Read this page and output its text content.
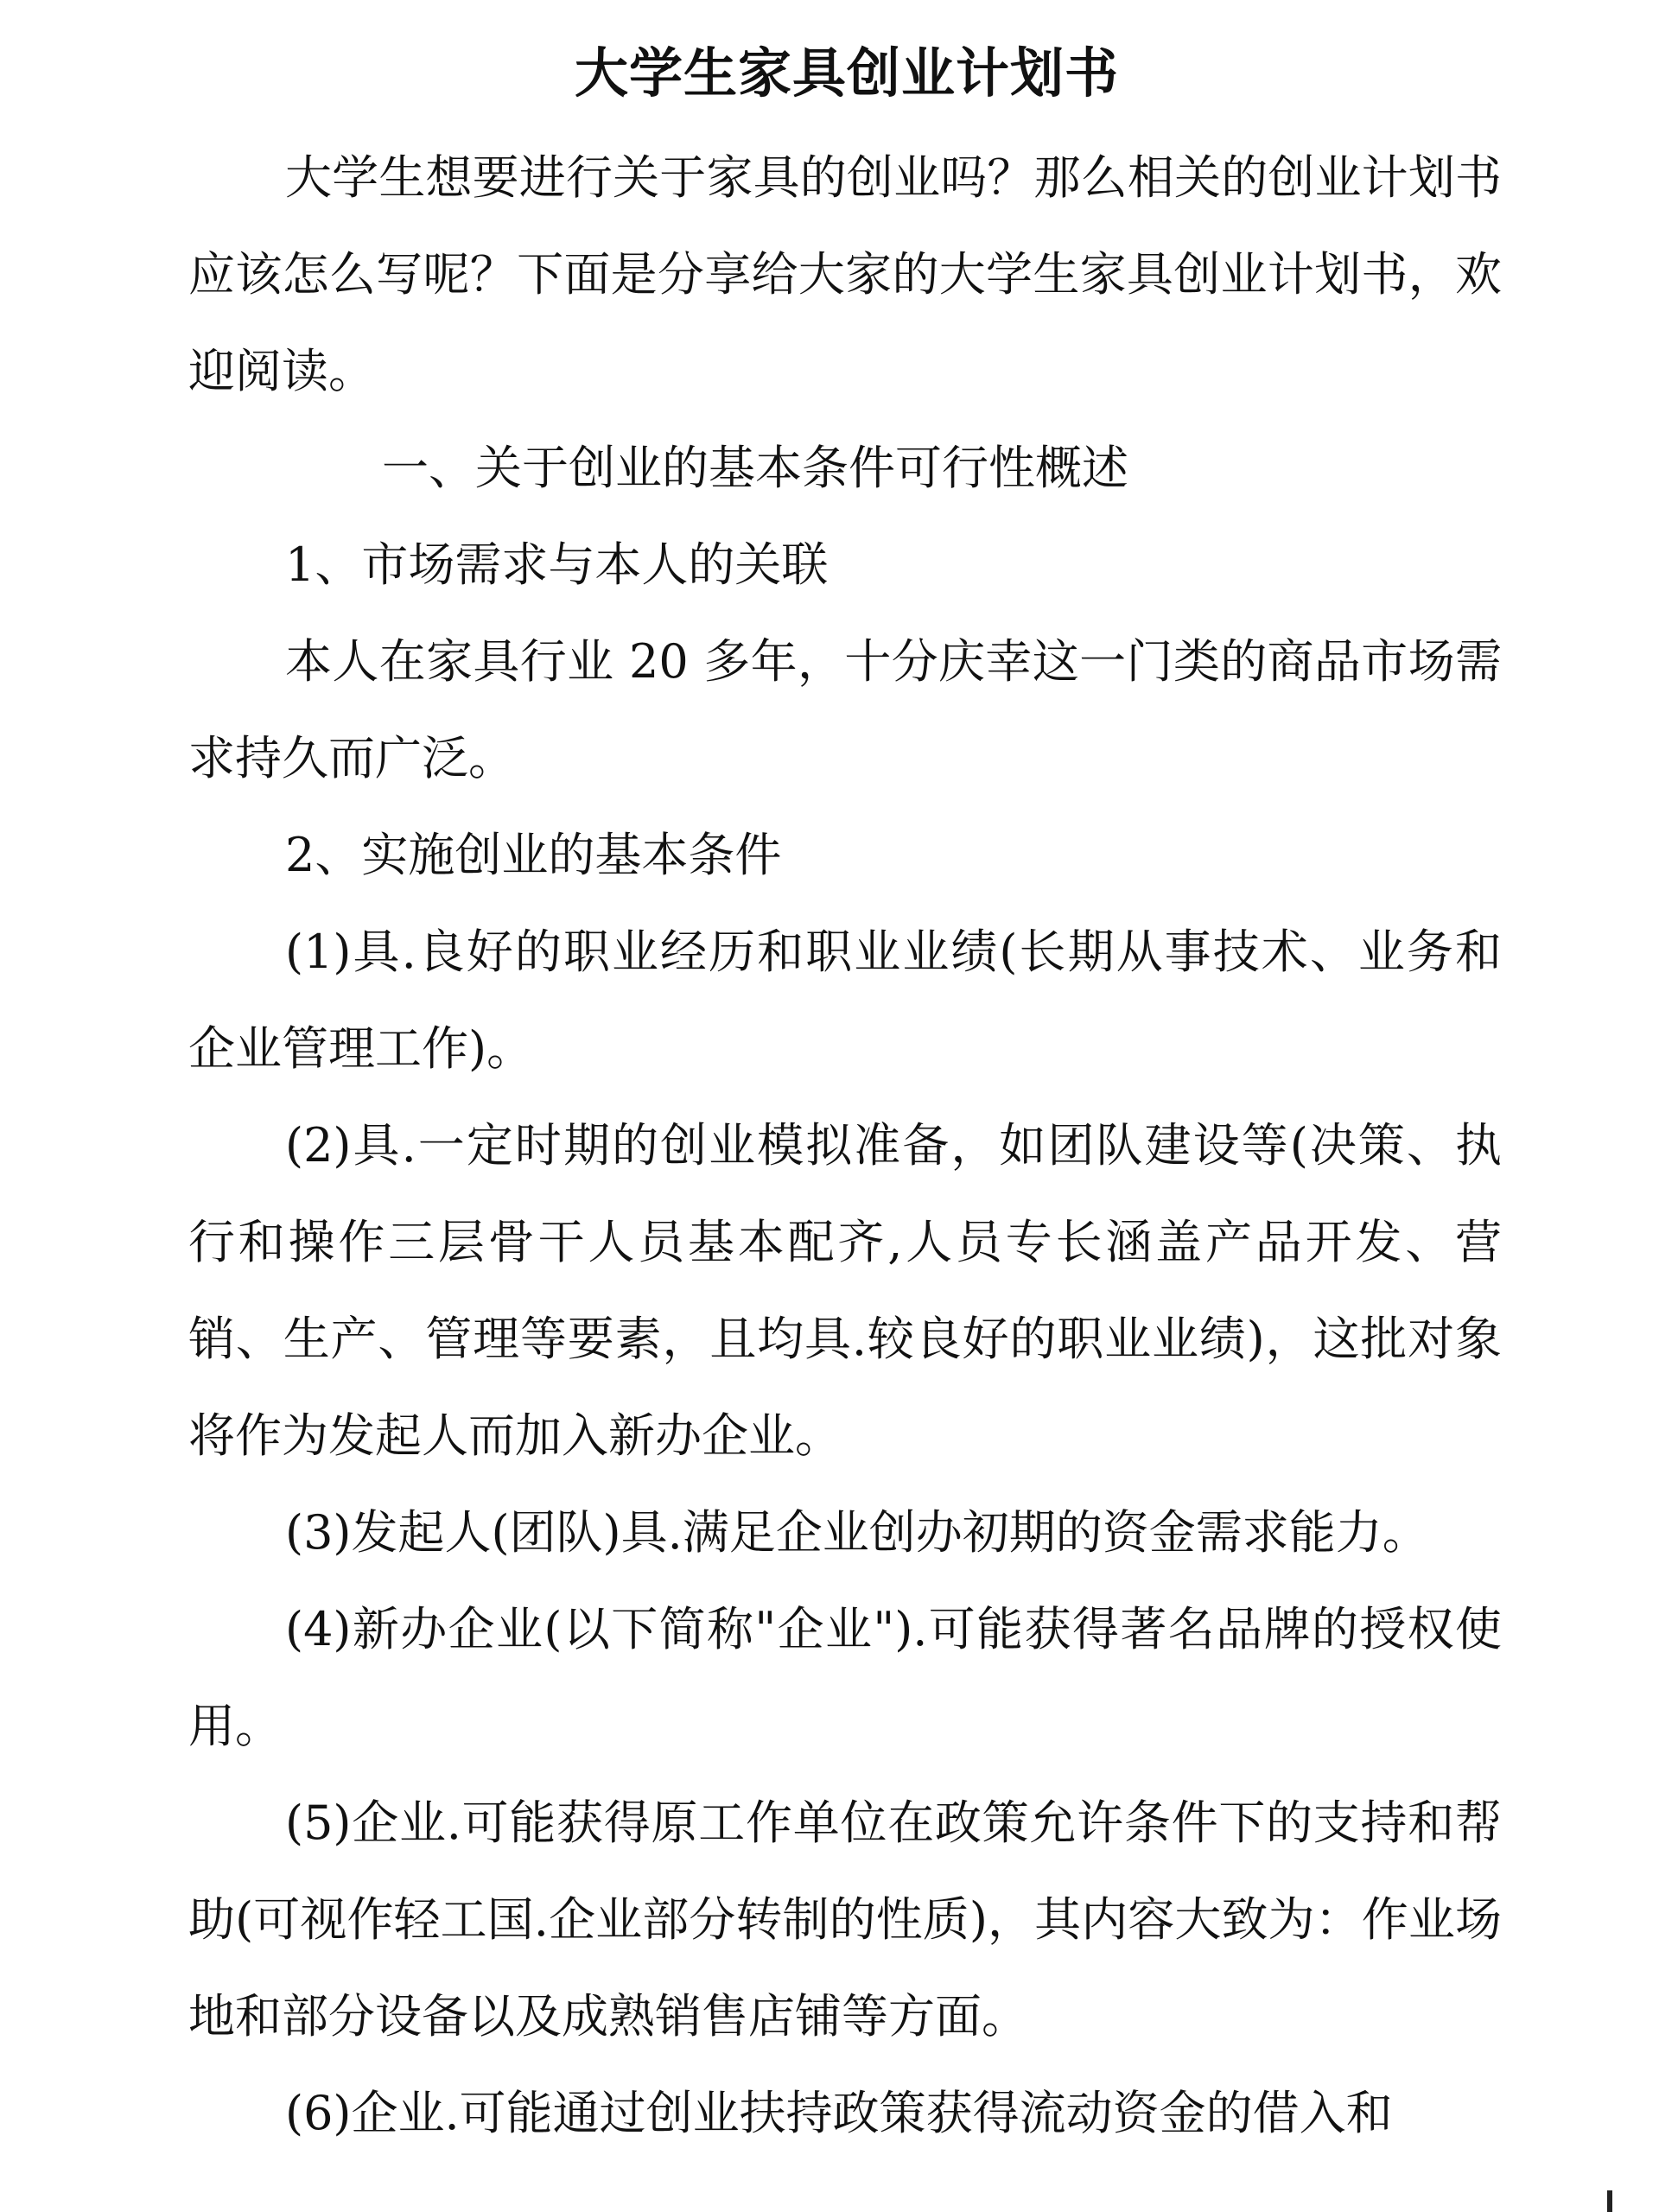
大学生家具创业计划书

大学生想要进行关于家具的创业吗？那么相关的创业计划书应该怎么写呢？下面是分享给大家的大学生家具创业计划书，欢迎阅读。

一、关于创业的基本条件可行性概述

1、市场需求与本人的关联

本人在家具行业 20 多年，十分庆幸这一门类的商品市场需求持久而广泛。

2、实施创业的基本条件

(1)具.良好的职业经历和职业业绩(长期从事技术、业务和企业管理工作)。

(2)具.一定时期的创业模拟准备，如团队建设等(决策、执行和操作三层骨干人员基本配齐,人员专长涵盖产品开发、营销、生产、管理等要素，且均具.较良好的职业业绩)，这批对象将作为发起人而加入新办企业。

(3)发起人(团队)具.满足企业创办初期的资金需求能力。

(4)新办企业(以下简称"企业").可能获得著名品牌的授权使用。

(5)企业.可能获得原工作单位在政策允许条件下的支持和帮助(可视作轻工国.企业部分转制的性质)，其内容大致为：作业场地和部分设备以及成熟销售店铺等方面。

(6)企业.可能通过创业扶持政策获得流动资金的借入和
